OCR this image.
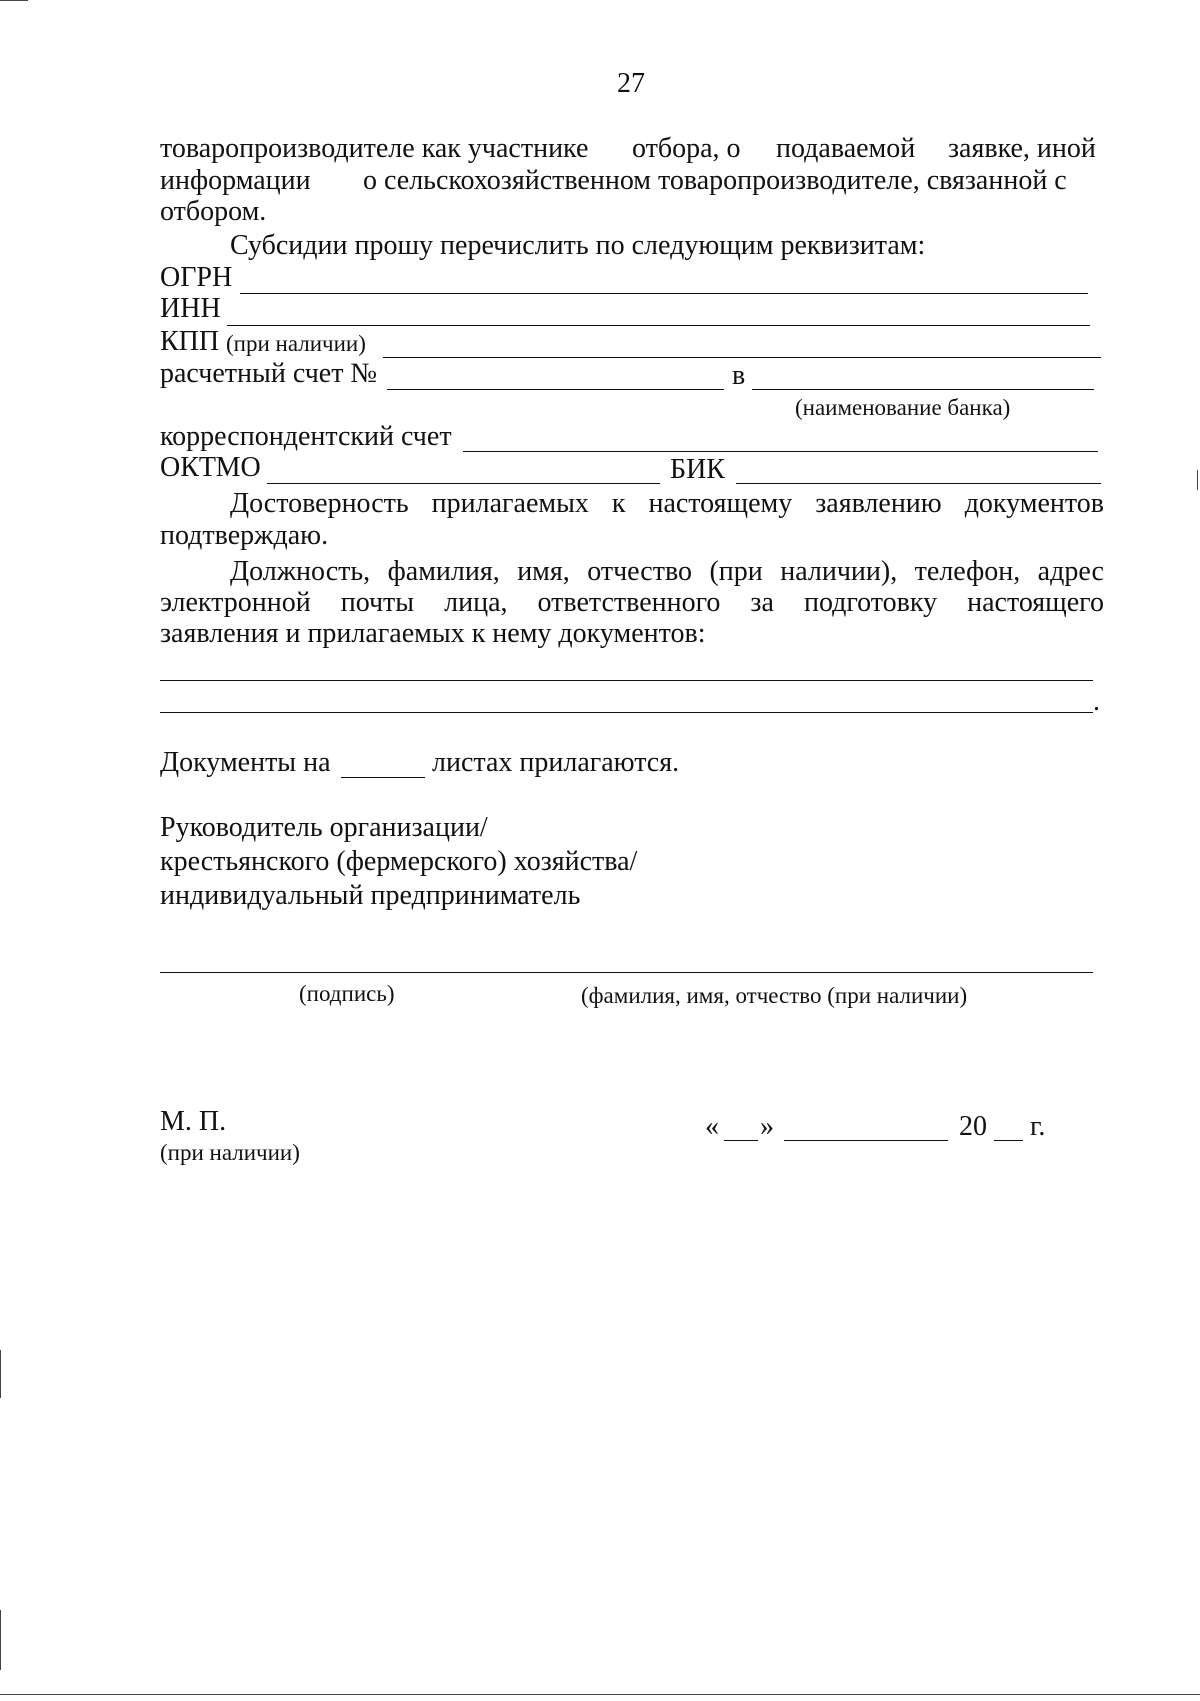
27
товаропроизводителе как участнике отбора, о подаваемой заявке, иной
информации о сельскохозяйственном товаропроизводителе, связанной с
отбором.
Субсидии прошу перечислить по следующим реквизитам:
ОГРН
ИНН
КПП (при наличии)
расчетный счет №	в
(наименование банка)
корреспондентский счет
ОКТМО	БИК
Достоверность прилагаемых к настоящему заявлению документов
подтверждаю.
Должность, фамилия, имя, отчество (при наличии), телефон, адрес
электронной почты лица, ответственного за подготовку настоящего
заявления и прилагаемых к нему документов:
.
Документы на	листах прилагаются.
Руководитель организации/
крестьянского (фермерского) хозяйства/
индивидуальный предприниматель
(подпись)	(фамилия, имя, отчество (при наличии)
М. П.
(при наличии)
« »	20 г.
